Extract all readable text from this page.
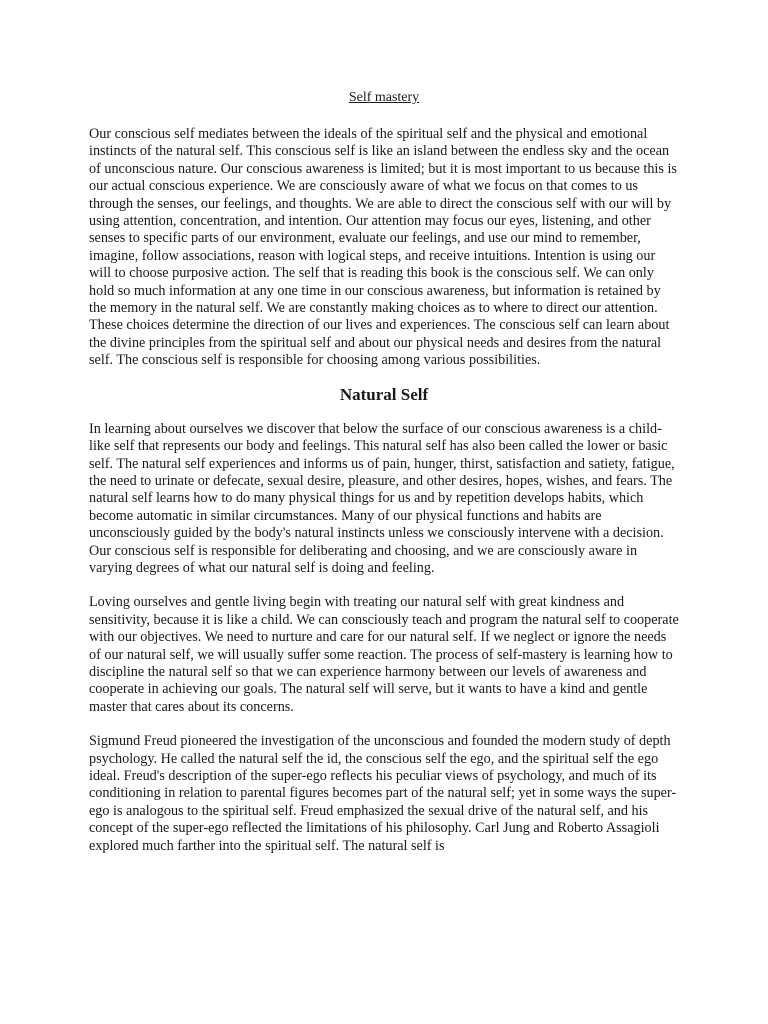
Self mastery

Our conscious self mediates between the ideals of the spiritual self and the physical and emotional instincts of the natural self. This conscious self is like an island between the endless sky and the ocean of unconscious nature. Our conscious awareness is limited; but it is most important to us because this is our actual conscious experience. We are consciously aware of what we focus on that comes to us through the senses, our feelings, and thoughts. We are able to direct the conscious self with our will by using attention, concentration, and intention. Our attention may focus our eyes, listening, and other senses to specific parts of our environment, evaluate our feelings, and use our mind to remember, imagine, follow associations, reason with logical steps, and receive intuitions. Intention is using our will to choose purposive action. The self that is reading this book is the conscious self. We can only hold so much information at any one time in our conscious awareness, but information is retained by the memory in the natural self. We are constantly making choices as to where to direct our attention. These choices determine the direction of our lives and experiences. The conscious self can learn about the divine principles from the spiritual self and about our physical needs and desires from the natural self. The conscious self is responsible for choosing among various possibilities.

Natural Self

In learning about ourselves we discover that below the surface of our conscious awareness is a child-like self that represents our body and feelings. This natural self has also been called the lower or basic self. The natural self experiences and informs us of pain, hunger, thirst, satisfaction and satiety, fatigue, the need to urinate or defecate, sexual desire, pleasure, and other desires, hopes, wishes, and fears. The natural self learns how to do many physical things for us and by repetition develops habits, which become automatic in similar circumstances. Many of our physical functions and habits are unconsciously guided by the body's natural instincts unless we consciously intervene with a decision. Our conscious self is responsible for deliberating and choosing, and we are consciously aware in varying degrees of what our natural self is doing and feeling.

Loving ourselves and gentle living begin with treating our natural self with great kindness and sensitivity, because it is like a child. We can consciously teach and program the natural self to cooperate with our objectives. We need to nurture and care for our natural self. If we neglect or ignore the needs of our natural self, we will usually suffer some reaction. The process of self-mastery is learning how to discipline the natural self so that we can experience harmony between our levels of awareness and cooperate in achieving our goals. The natural self will serve, but it wants to have a kind and gentle master that cares about its concerns.

Sigmund Freud pioneered the investigation of the unconscious and founded the modern study of depth psychology. He called the natural self the id, the conscious self the ego, and the spiritual self the ego ideal. Freud's description of the super-ego reflects his peculiar views of psychology, and much of its conditioning in relation to parental figures becomes part of the natural self; yet in some ways the super-ego is analogous to the spiritual self. Freud emphasized the sexual drive of the natural self, and his concept of the super-ego reflected the limitations of his philosophy. Carl Jung and Roberto Assagioli explored much farther into the spiritual self. The natural self is
